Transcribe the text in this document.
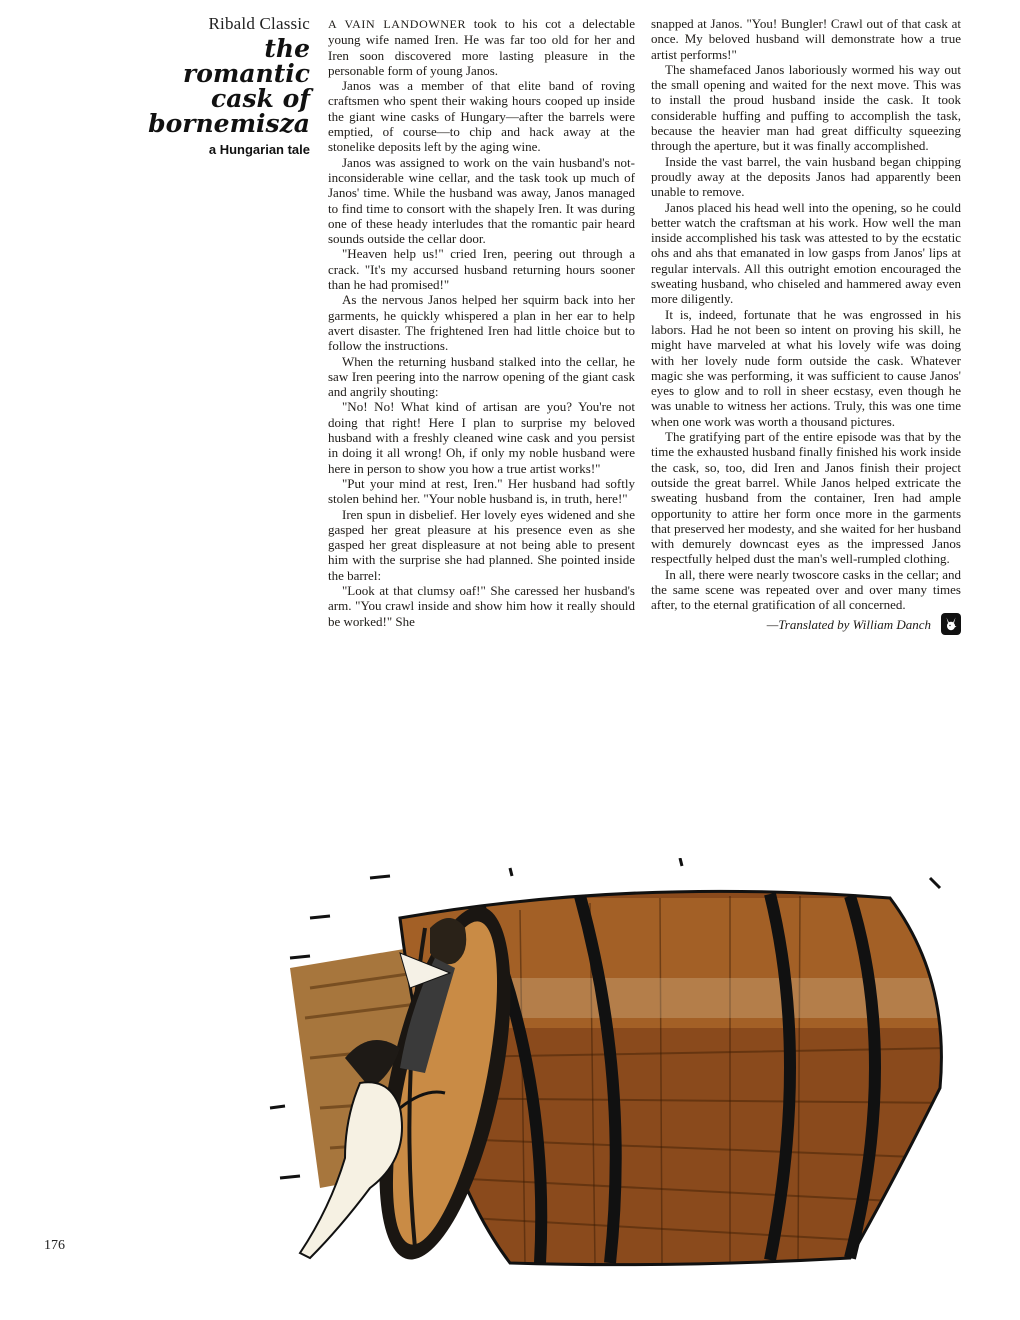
Ribald Classic
the romantic
cask of
bornemisza
a Hungarian tale

A VAIN LANDOWNER took to his cot a delectable young wife named Iren. He was far too old for her and Iren soon discovered more lasting pleasure in the personable form of young Janos.

Janos was a member of that elite band of roving craftsmen who spent their waking hours cooped up inside the giant wine casks of Hungary—after the barrels were emptied, of course—to chip and hack away at the stonelike deposits left by the aging wine.

Janos was assigned to work on the vain husband's not-inconsiderable wine cellar, and the task took up much of Janos' time. While the husband was away, Janos managed to find time to consort with the shapely Iren. It was during one of these heady interludes that the romantic pair heard sounds outside the cellar door.

"Heaven help us!" cried Iren, peering out through a crack. "It's my accursed husband returning hours sooner than he had promised!"

As the nervous Janos helped her squirm back into her garments, he quickly whispered a plan in her ear to help avert disaster. The frightened Iren had little choice but to follow the instructions.

When the returning husband stalked into the cellar, he saw Iren peering into the narrow opening of the giant cask and angrily shouting:

"No! No! What kind of artisan are you? You're not doing that right! Here I plan to surprise my beloved husband with a freshly cleaned wine cask and you persist in doing it all wrong! Oh, if only my noble husband were here in person to show you how a true artist works!"

"Put your mind at rest, Iren." Her husband had softly stolen behind her. "Your noble husband is, in truth, here!"

Iren spun in disbelief. Her lovely eyes widened and she gasped her great pleasure at his presence even as she gasped her great displeasure at not being able to present him with the surprise she had planned. She pointed inside the barrel:

"Look at that clumsy oaf!" She caressed her husband's arm. "You crawl inside and show him how it really should be worked!" She

snapped at Janos. "You! Bungler! Crawl out of that cask at once. My beloved husband will demonstrate how a true artist performs!"

The shamefaced Janos laboriously wormed his way out the small opening and waited for the next move. This was to install the proud husband inside the cask. It took considerable huffing and puffing to accomplish the task, because the heavier man had great difficulty squeezing through the aperture, but it was finally accomplished.

Inside the vast barrel, the vain husband began chipping proudly away at the deposits Janos had apparently been unable to remove.

Janos placed his head well into the opening, so he could better watch the craftsman at his work. How well the man inside accomplished his task was attested to by the ecstatic ohs and ahs that emanated in low gasps from Janos' lips at regular intervals. All this outright emotion encouraged the sweating husband, who chiseled and hammered away even more diligently.

It is, indeed, fortunate that he was engrossed in his labors. Had he not been so intent on proving his skill, he might have marveled at what his lovely wife was doing with her lovely nude form outside the cask. Whatever magic she was performing, it was sufficient to cause Janos' eyes to glow and to roll in sheer ecstasy, even though he was unable to witness her actions. Truly, this was one time when one work was worth a thousand pictures.

The gratifying part of the entire episode was that by the time the exhausted husband finally finished his work inside the cask, so, too, did Iren and Janos finish their project outside the great barrel. While Janos helped extricate the sweating husband from the container, Iren had ample opportunity to attire her form once more in the garments that preserved her modesty, and she waited for her husband with demurely downcast eyes as the impressed Janos respectfully helped dust the man's well-rumpled clothing.

In all, there were nearly twoscore casks in the cellar; and the same scene was repeated over and over many times after, to the eternal gratification of all concerned.

—Translated by William Danch
176
